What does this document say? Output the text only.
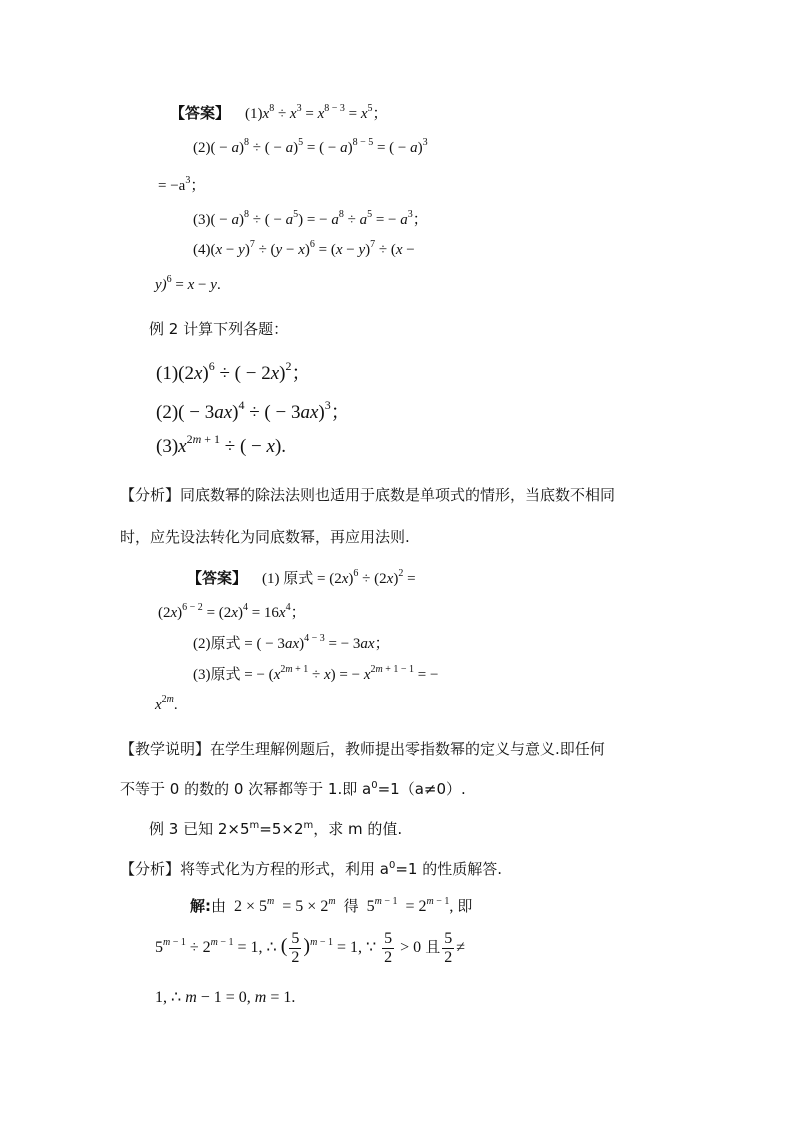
【答案】 $(1)x^8 \div x^3 = x^{8 - 3} = x^5$；
$(2)( - a)^8$ ÷ ( − a)$^5$ = ( − a)$^{8 - 5}$ = ( − a)$^3$
= $-a^3$；
$(3)( - a)^8$ ÷ ( − $a^5$) = − $a^8 \div a^5$ = − $a^3$；
$(4)(x - y)^7 \div (y - x)^6 = (x - y)^7 \div (x$ −
y)$^6$ = x − y.
例 2 计算下列各题：
$(1)(2x)^6$ ÷ ( − 2x)$^2$；
$(2)( - 3ax)^4$ ÷ ( − 3ax)$^3$；
$(3)x^{2m + 1}$ ÷ ( − x).
【分析】同底数幂的除法法则也适用于底数是单项式的情形，当底数不相同
时，应先设法转化为同底数幂，再应用法则.
【答案】 (1) 原式 = $(2x)^6 \div (2x)^2$ =
$(2x)^{6 - 2} = (2x)^4 = 16x^4$；
(2)原式 = ( − 3ax)$^{4 - 3}$ = − 3ax；
(3)原式 = − $(x^{2m + 1} \div x)$ = − $x^{2m + 1 - 1}$ = −
$x^{2m}$.
【教学说明】在学生理解例题后，教师提出零指数幂的定义与意义.即任何
不等于 0 的数的 0 次幂都等于 1.即 $a^0=1(a\ne 0)$.
例 3 已知 $2\times 5^m=5\times 2^m$，求 m 的值.
【分析】将等式化为方程的形式，利用 $a^0=1$ 的性质解答.
解:由  $2 \times 5^m = 5 \times 2^m$ 得  $5^{m - 1} = 2^{m - 1}$, 即
$5^{m - 1} \div 2^{m - 1} = 1$, ∴ ( $\frac{5}{2} )^{m - 1} = 1$, ∵ $\frac{5}{2} > 0$ 且 $\frac{5}{2}$ ≠
1, ∴ m − 1 = 0, m = 1.
